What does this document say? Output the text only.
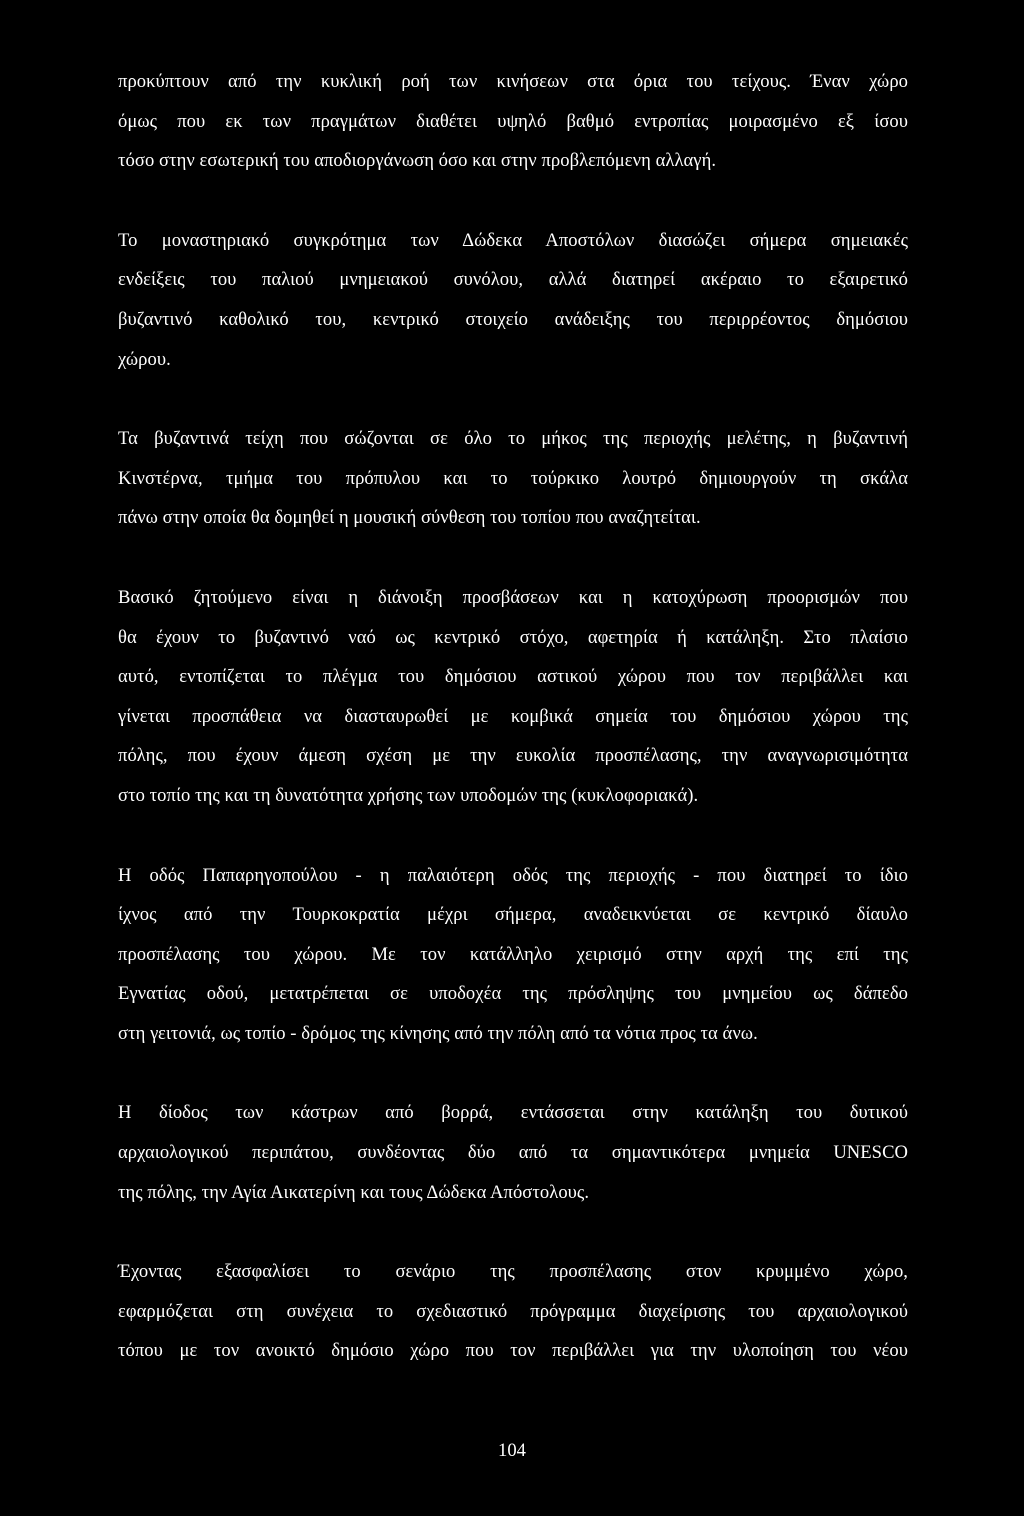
προκύπτουν από την κυκλική ροή των κινήσεων στα όρια του τείχους. Έναν χώρο
όμως που εκ των πραγμάτων διαθέτει υψηλό βαθμό εντροπίας μοιρασμένο εξ ίσου
τόσο στην εσωτερική του αποδιοργάνωση όσο και στην προβλεπόμενη αλλαγή.

Το μοναστηριακό συγκρότημα των Δώδεκα Αποστόλων διασώζει σήμερα σημειακές
ενδείξεις του παλιού μνημειακού συνόλου, αλλά διατηρεί ακέραιο το εξαιρετικό
βυζαντινό καθολικό του, κεντρικό στοιχείο ανάδειξης του περιρρέοντος δημόσιου
χώρου.

Τα βυζαντινά τείχη που σώζονται σε όλο το μήκος της περιοχής μελέτης, η βυζαντινή
Κινστέρνα, τμήμα του πρόπυλου και το τούρκικο λουτρό δημιουργούν τη σκάλα
πάνω στην οποία θα δομηθεί η μουσική σύνθεση του τοπίου που αναζητείται.

Βασικό ζητούμενο είναι η διάνοιξη προσβάσεων και η κατοχύρωση προορισμών που
θα έχουν το βυζαντινό ναό ως κεντρικό στόχο, αφετηρία ή κατάληξη. Στο πλαίσιο
αυτό, εντοπίζεται το πλέγμα του δημόσιου αστικού χώρου που τον περιβάλλει και
γίνεται προσπάθεια να διασταυρωθεί με κομβικά σημεία του δημόσιου χώρου της
πόλης, που έχουν άμεση σχέση με την ευκολία προσπέλασης, την αναγνωρισιμότητα
στο τοπίο της και τη δυνατότητα χρήσης των υποδομών της (κυκλοφοριακά).

Η οδός Παπαρηγοπούλου - η παλαιότερη οδός της περιοχής - που διατηρεί το ίδιο
ίχνος από την Τουρκοκρατία μέχρι σήμερα, αναδεικνύεται σε κεντρικό δίαυλο
προσπέλασης του χώρου. Με τον κατάλληλο χειρισμό στην αρχή της επί της
Εγνατίας οδού, μετατρέπεται σε υποδοχέα της πρόσληψης του μνημείου ως δάπεδο
στη γειτονιά, ως τοπίο - δρόμος της κίνησης από την πόλη από τα νότια προς τα άνω.

Η δίοδος των κάστρων από βορρά, εντάσσεται στην κατάληξη του δυτικού
αρχαιολογικού περιπάτου, συνδέοντας δύο από τα σημαντικότερα μνημεία UNESCO
της πόλης, την Αγία Αικατερίνη και τους Δώδεκα Απόστολους.

Έχοντας εξασφαλίσει το σενάριο της προσπέλασης στον κρυμμένο χώρο,
εφαρμόζεται στη συνέχεια το σχεδιαστικό πρόγραμμα διαχείρισης του αρχαιολογικού
τόπου με τον ανοικτό δημόσιο χώρο που τον περιβάλλει για την υλοποίηση του νέου

104
